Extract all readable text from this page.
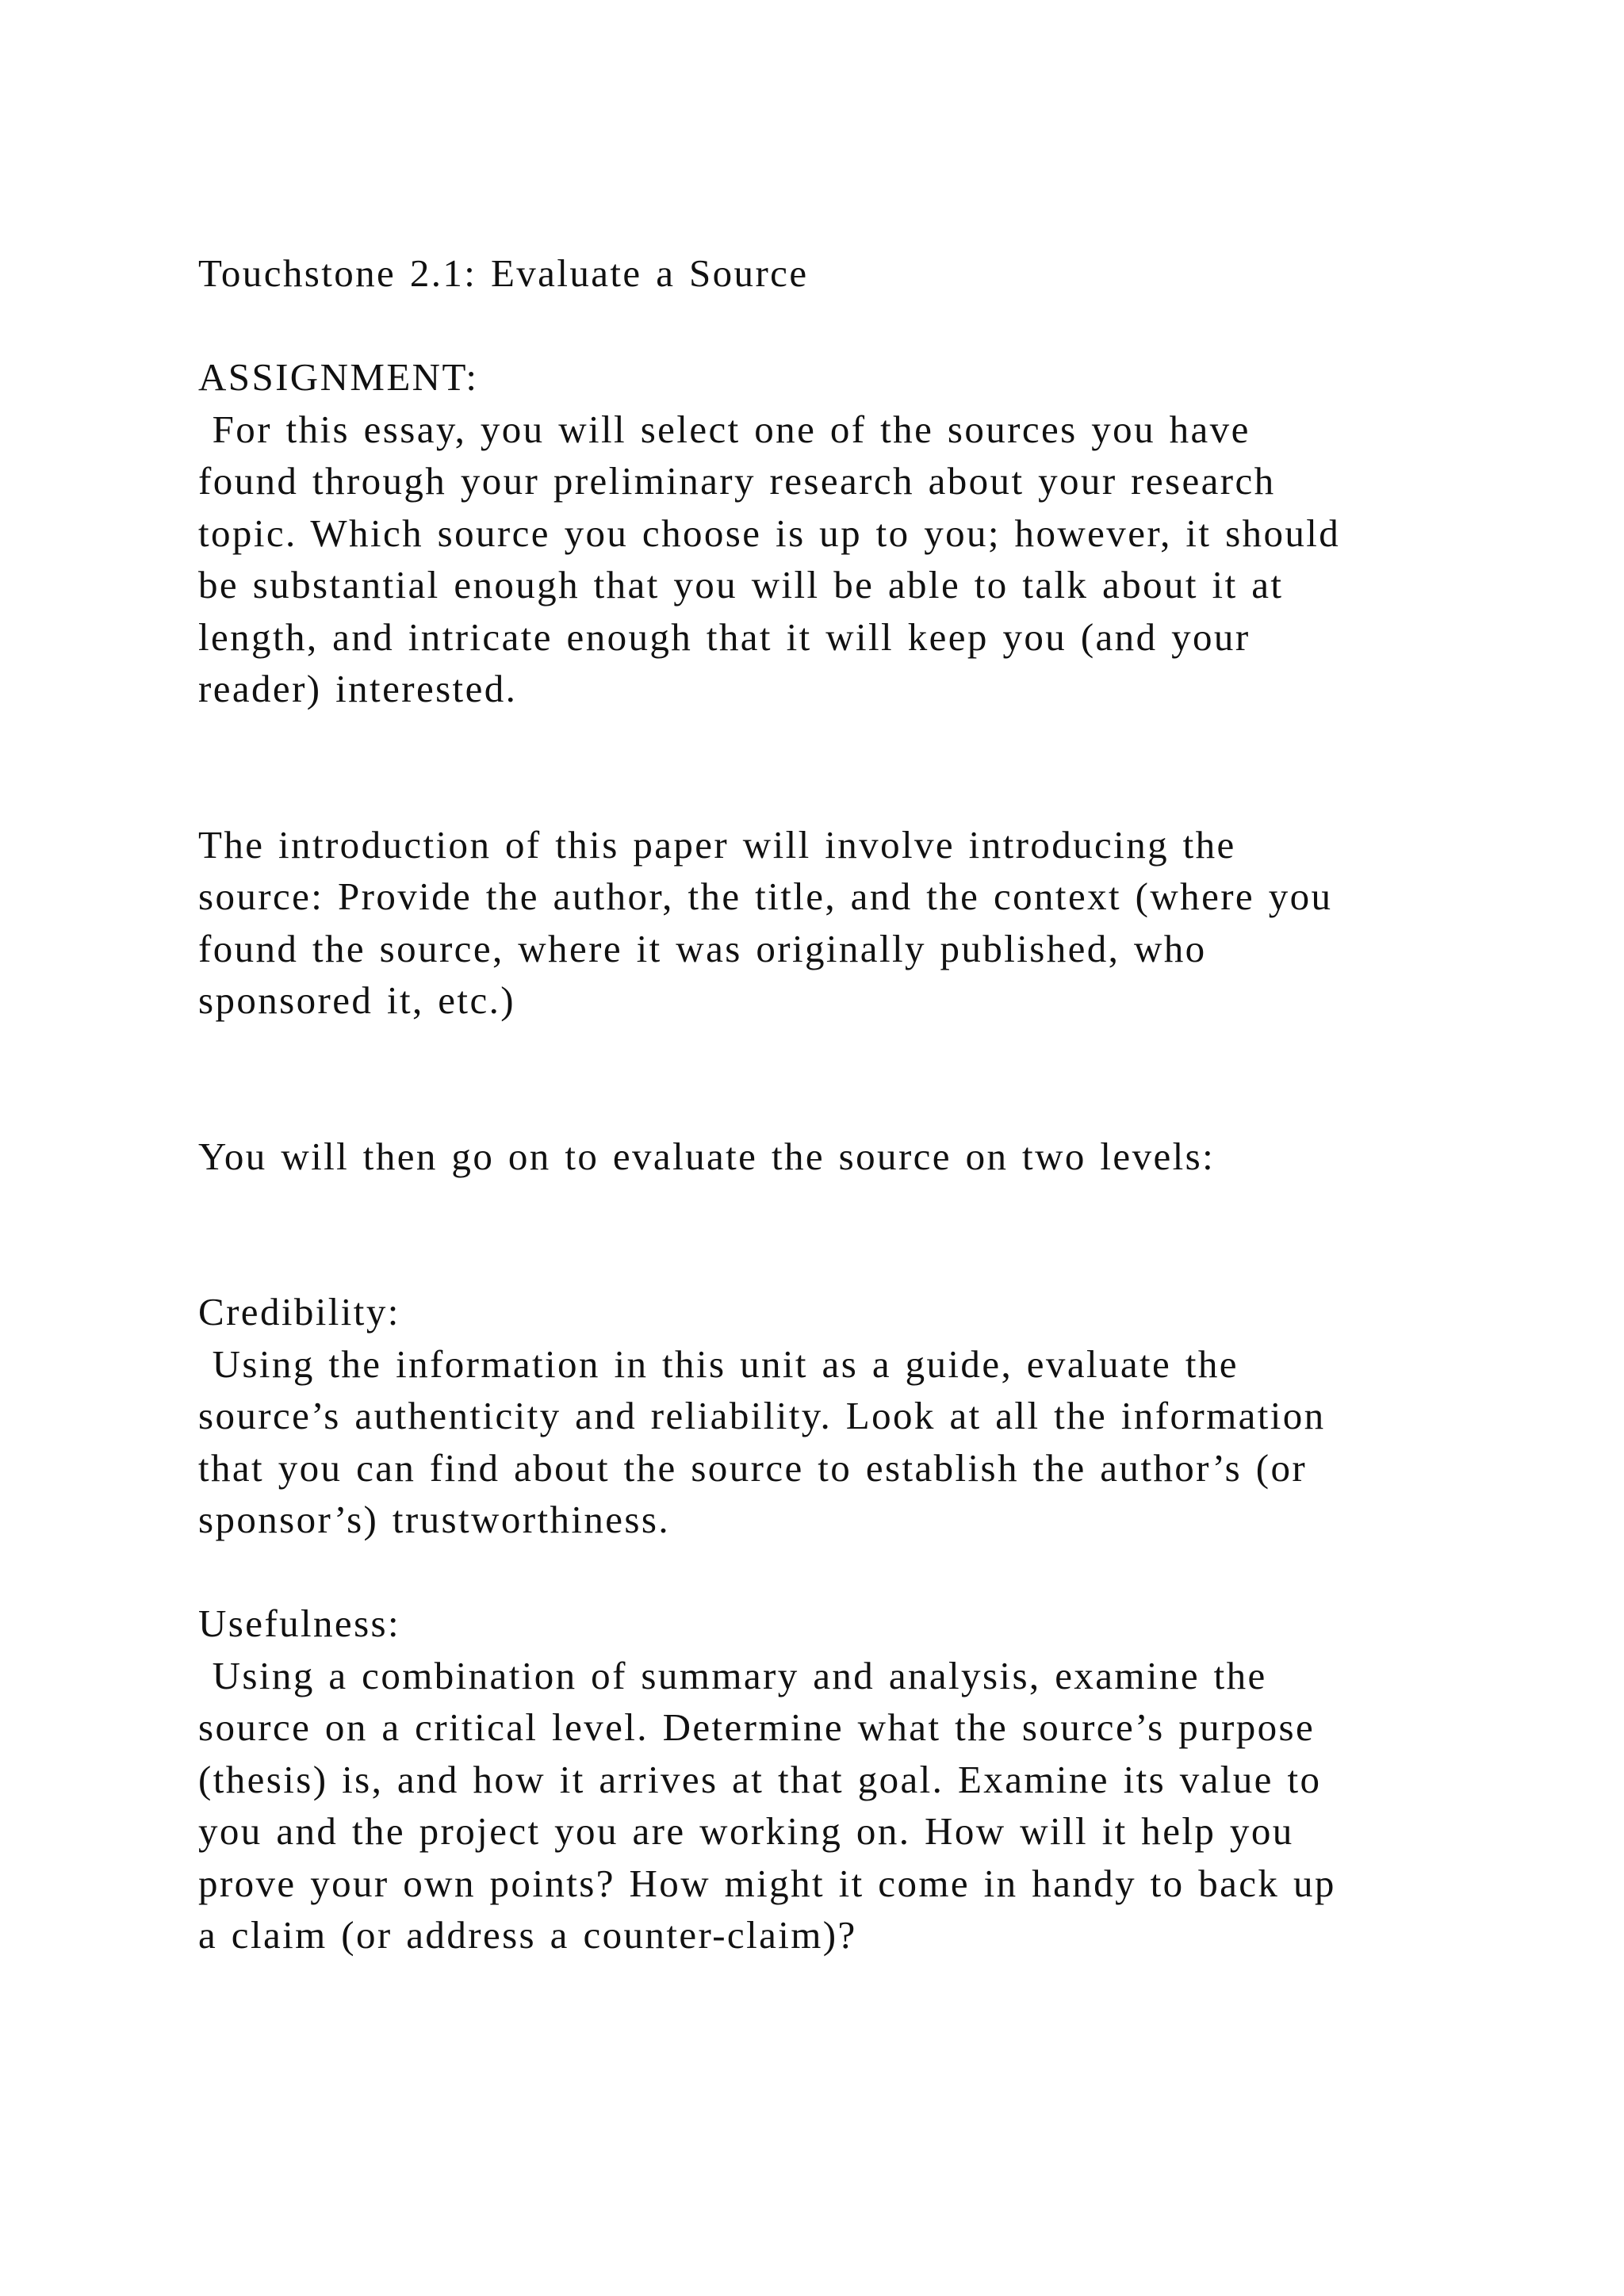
Touchstone 2.1: Evaluate a Source
ASSIGNMENT:
For this essay, you will select one of the sources you have
found through your preliminary research about your research
topic. Which source you choose is up to you; however, it should
be substantial enough that you will be able to talk about it at
length, and intricate enough that it will keep you (and your
reader) interested.
The introduction of this paper will involve introducing the
source: Provide the author, the title, and the context (where you
found the source, where it was originally published, who
sponsored it, etc.)
You will then go on to evaluate the source on two levels:
Credibility:
Using the information in this unit as a guide, evaluate the
source’s authenticity and reliability. Look at all the information
that you can find about the source to establish the author’s (or
sponsor’s) trustworthiness.
Usefulness:
Using a combination of summary and analysis, examine the
source on a critical level. Determine what the source’s purpose
(thesis) is, and how it arrives at that goal. Examine its value to
you and the project you are working on. How will it help you
prove your own points? How might it come in handy to back up
a claim (or address a counter-claim)?
